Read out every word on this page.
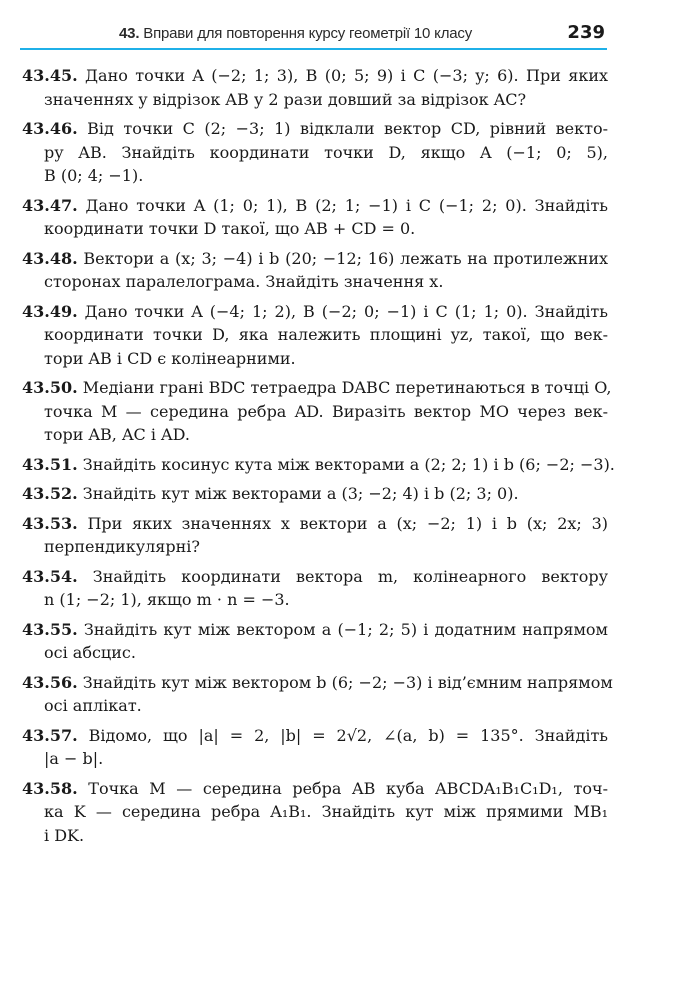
43. Вправи для повторення курсу геометрії 10 класу	239
43.45. Дано точки A (−2; 1; 3), B (0; 5; 9) і C (−3; y; 6). При яких
значеннях y відрізок AB у 2 рази довший за відрізок AC?
43.46. Від точки C (2; −3; 1) відклали вектор CD, рівний векто-
ру AB. Знайдіть координати точки D, якщо A (−1; 0; 5),
B (0; 4; −1).
43.47. Дано точки A (1; 0; 1), B (2; 1; −1) і C (−1; 2; 0). Знайдіть
координати точки D такої, що AB + CD = 0.
43.48. Вектори a (x; 3; −4) і b (20; −12; 16) лежать на протилежних
сторонах паралелограма. Знайдіть значення x.
43.49. Дано точки A (−4; 1; 2), B (−2; 0; −1) і C (1; 1; 0). Знайдіть
координати точки D, яка належить площині yz, такої, що век-
тори AB і CD є колінеарними.
43.50. Медіани грані BDC тетраедра DABC перетинаються в точці O,
точка M — середина ребра AD. Виразіть вектор MO через век-
тори AB, AC і AD.
43.51. Знайдіть косинус кута між векторами a (2; 2; 1) і b (6; −2; −3).
43.52. Знайдіть кут між векторами a (3; −2; 4) і b (2; 3; 0).
43.53. При яких значеннях x вектори a (x; −2; 1) і b (x; 2x; 3)
перпендикулярні?
43.54. Знайдіть координати вектора m, колінеарного вектору
n (1; −2; 1), якщо m · n = −3.
43.55. Знайдіть кут між вектором a (−1; 2; 5) і додатним напрямом
осі абсцис.
43.56. Знайдіть кут між вектором b (6; −2; −3) і від’ємним напрямом
осі аплікат.
43.57. Відомо, що |a| = 2, |b| = 2√2, ∠(a, b) = 135°. Знайдіть
|a − b|.
43.58. Точка M — середина ребра AB куба ABCDA₁B₁C₁D₁, точ-
ка K — середина ребра A₁B₁. Знайдіть кут між прямими MB₁
і DK.
